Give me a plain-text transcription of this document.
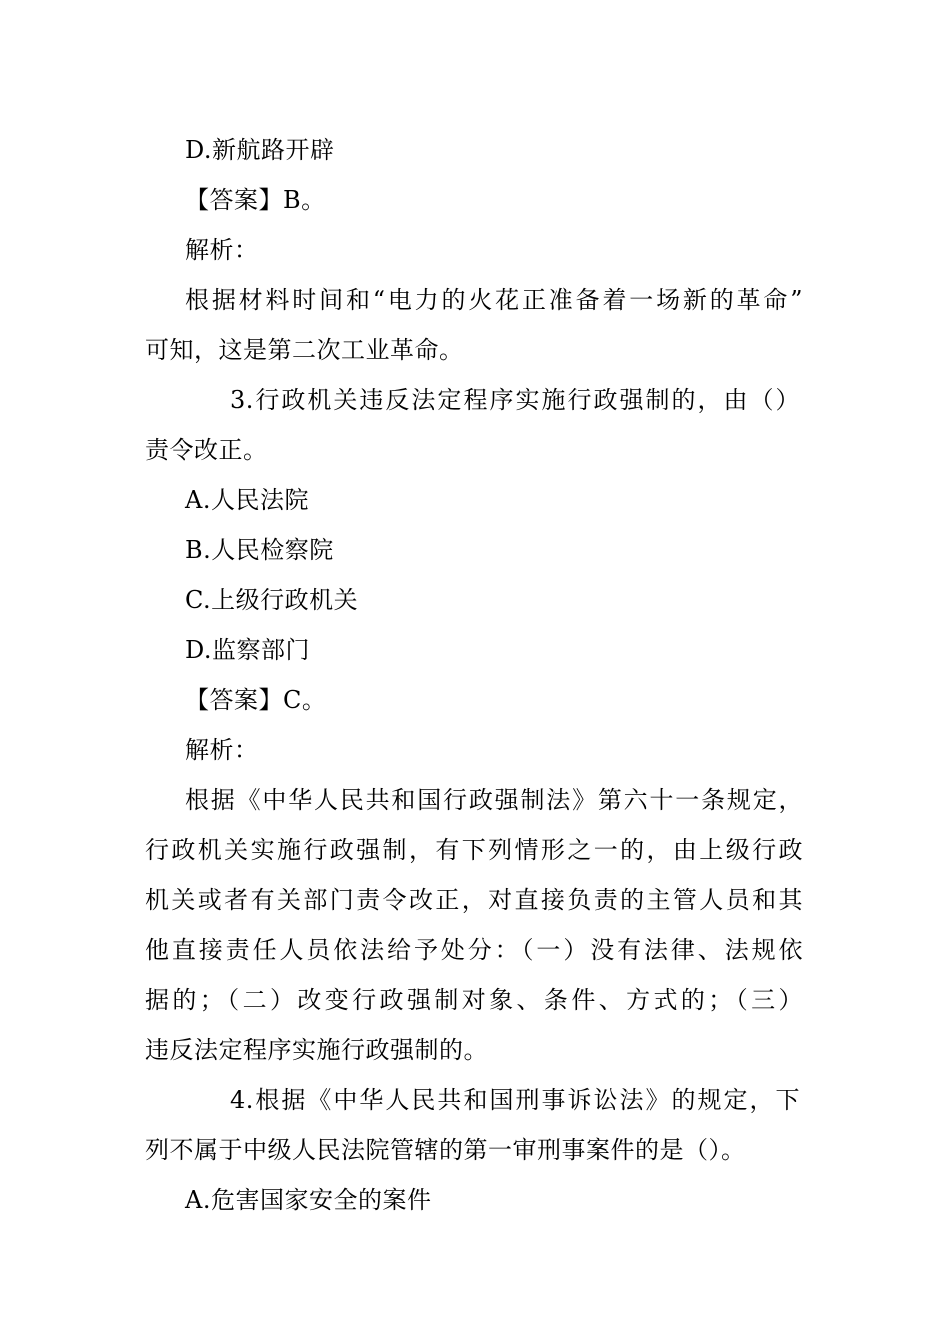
D.新航路开辟
【答案】B。
解析：
根据材料时间和“电力的火花正准备着一场新的革命”
可知，这是第二次工业革命。
3.行政机关违反法定程序实施行政强制的，由（）
责令改正。
A.人民法院
B.人民检察院
C.上级行政机关
D.监察部门
【答案】C。
解析：
根据《中华人民共和国行政强制法》第六十一条规定，
行政机关实施行政强制，有下列情形之一的，由上级行政
机关或者有关部门责令改正，对直接负责的主管人员和其
他直接责任人员依法给予处分：（一）没有法律、法规依
据的；（二）改变行政强制对象、条件、方式的；（三）
违反法定程序实施行政强制的。
4.根据《中华人民共和国刑事诉讼法》的规定，下
列不属于中级人民法院管辖的第一审刑事案件的是（）。
A.危害国家安全的案件
